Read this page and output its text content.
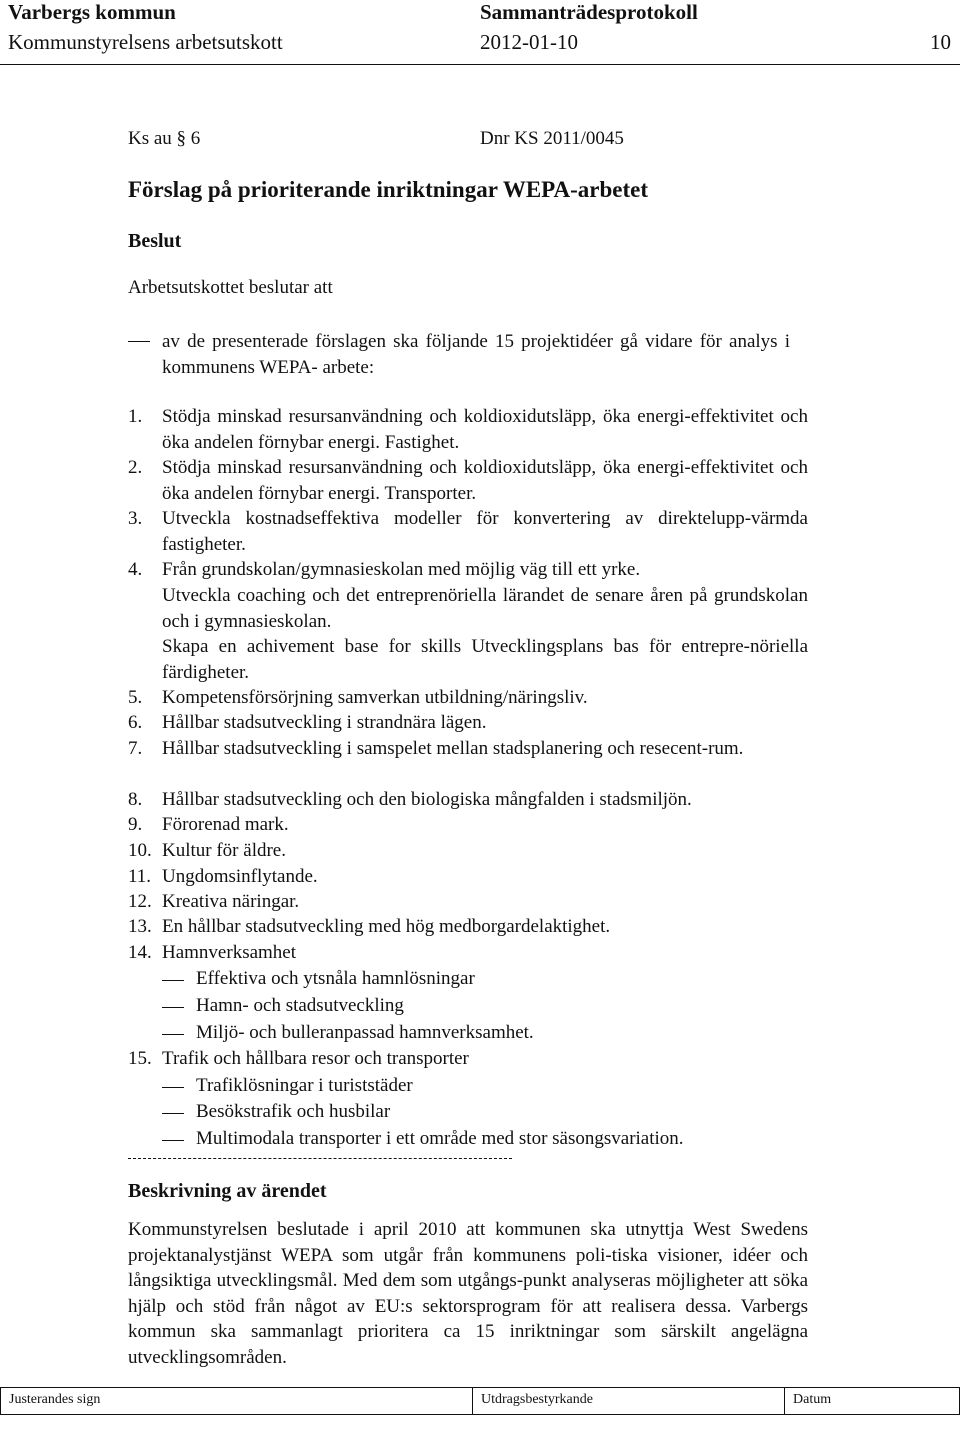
Varbergs kommun	Sammanträdesprotokoll
Kommunstyrelsens arbetsutskott	2012-01-10	10
Ks au § 6	Dnr KS 2011/0045
Förslag på prioriterande inriktningar WEPA-arbetet
Beslut
Arbetsutskottet beslutar att
av de presenterade förslagen ska följande 15 projektidéer gå vidare för analys i kommunens WEPA- arbete:
1.	Stödja minskad resursanvändning och koldioxidutsläpp, öka energi-effektivitet och öka andelen förnybar energi. Fastighet.
2.	Stödja minskad resursanvändning och koldioxidutsläpp, öka energi-effektivitet och öka andelen förnybar energi. Transporter.
3.	Utveckla kostnadseffektiva modeller för konvertering av direktelupp-värmda fastigheter.
4.	Från grundskolan/gymnasieskolan med möjlig väg till ett yrke.
Utveckla coaching och det entreprenöriella lärandet de senare åren på grundskolan och i gymnasieskolan.
Skapa en achivement base for skills Utvecklingsplans bas för entrepre-nöriella färdigheter.
5.	Kompetensförsörjning samverkan utbildning/näringsliv.
6.	Hållbar stadsutveckling i strandnära lägen.
7.	Hållbar stadsutveckling i samspelet mellan stadsplanering och resecent-rum.
8.	Hållbar stadsutveckling och den biologiska mångfalden i stadsmiljön.
9.	Förorenad mark.
10. Kultur för äldre.
11. Ungdomsinflytande.
12. Kreativa näringar.
13. En hållbar stadsutveckling med hög medborgardelaktighet.
14. Hamnverksamhet
15. Trafik och hållbara resor och transporter
Effektiva och ytsnåla hamnlösningar
Hamn- och stadsutveckling
Miljö- och bulleranpassad hamnverksamhet.
Trafiklösningar i turiststäder
Besökstrafik och husbilar
Multimodala transporter i ett område med stor säsongsvariation.
Beskrivning av ärendet
Kommunstyrelsen beslutade i april 2010 att kommunen ska utnyttja West Swedens projektanalystjänst WEPA som utgår från kommunens poli-tiska visioner, idéer och långsiktiga utvecklingsmål. Med dem som utgångs-punkt analyseras möjligheter att söka hjälp och stöd från något av EU:s sektorsprogram för att realisera dessa. Varbergs kommun ska sammanlagt prioritera ca 15 inriktningar som särskilt angelägna utvecklingsområden.
Justerandes sign	Utdragsbestyrkande	Datum
